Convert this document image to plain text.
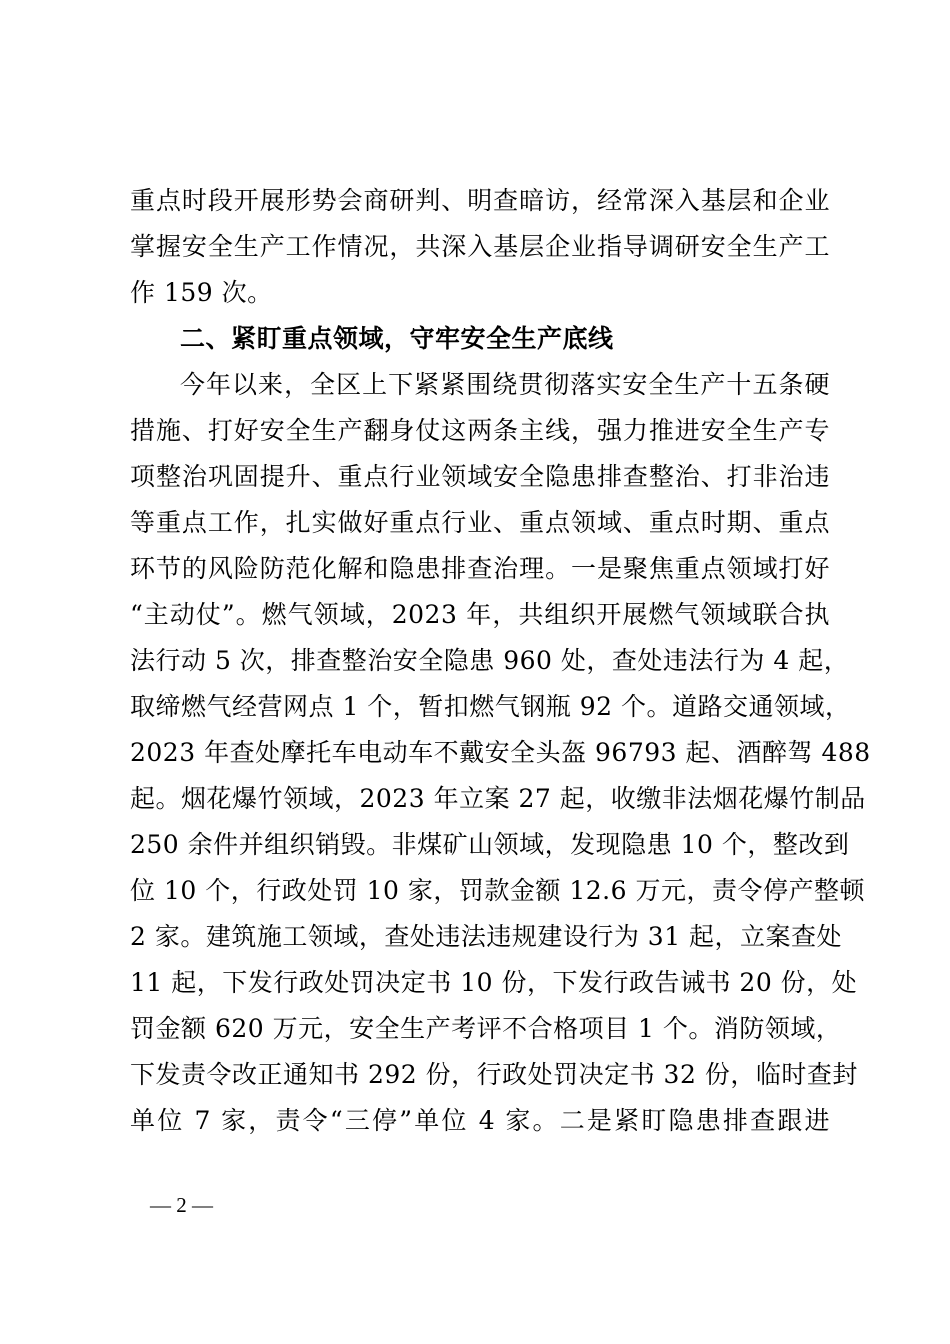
重点时段开展形势会商研判、明查暗访，经常深入基层和企业
掌握安全生产工作情况，共深入基层企业指导调研安全生产工
作 159 次。
二、紧盯重点领域，守牢安全生产底线
今年以来，全区上下紧紧围绕贯彻落实安全生产十五条硬
措施、打好安全生产翻身仗这两条主线，强力推进安全生产专
项整治巩固提升、重点行业领域安全隐患排查整治、打非治违
等重点工作，扎实做好重点行业、重点领域、重点时期、重点
环节的风险防范化解和隐患排查治理。一是聚焦重点领域打好
“主动仗”。燃气领域，2023 年，共组织开展燃气领域联合执
法行动 5 次，排查整治安全隐患 960 处，查处违法行为 4 起，
取缔燃气经营网点 1 个，暂扣燃气钢瓶 92 个。道路交通领域，
2023 年查处摩托车电动车不戴安全头盔 96793 起、酒醉驾 488
起。烟花爆竹领域，2023 年立案 27 起，收缴非法烟花爆竹制品
250 余件并组织销毁。非煤矿山领域，发现隐患 10 个，整改到
位 10 个，行政处罚 10 家，罚款金额 12.6 万元，责令停产整顿
2 家。建筑施工领域，查处违法违规建设行为 31 起，立案查处
11 起，下发行政处罚决定书 10 份，下发行政告诫书 20 份，处
罚金额 620 万元，安全生产考评不合格项目 1 个。消防领域，
下发责令改正通知书 292 份，行政处罚决定书 32 份，临时查封
单位 7 家，责令“三停”单位 4 家。二是紧盯隐患排查跟进
— 2 —
